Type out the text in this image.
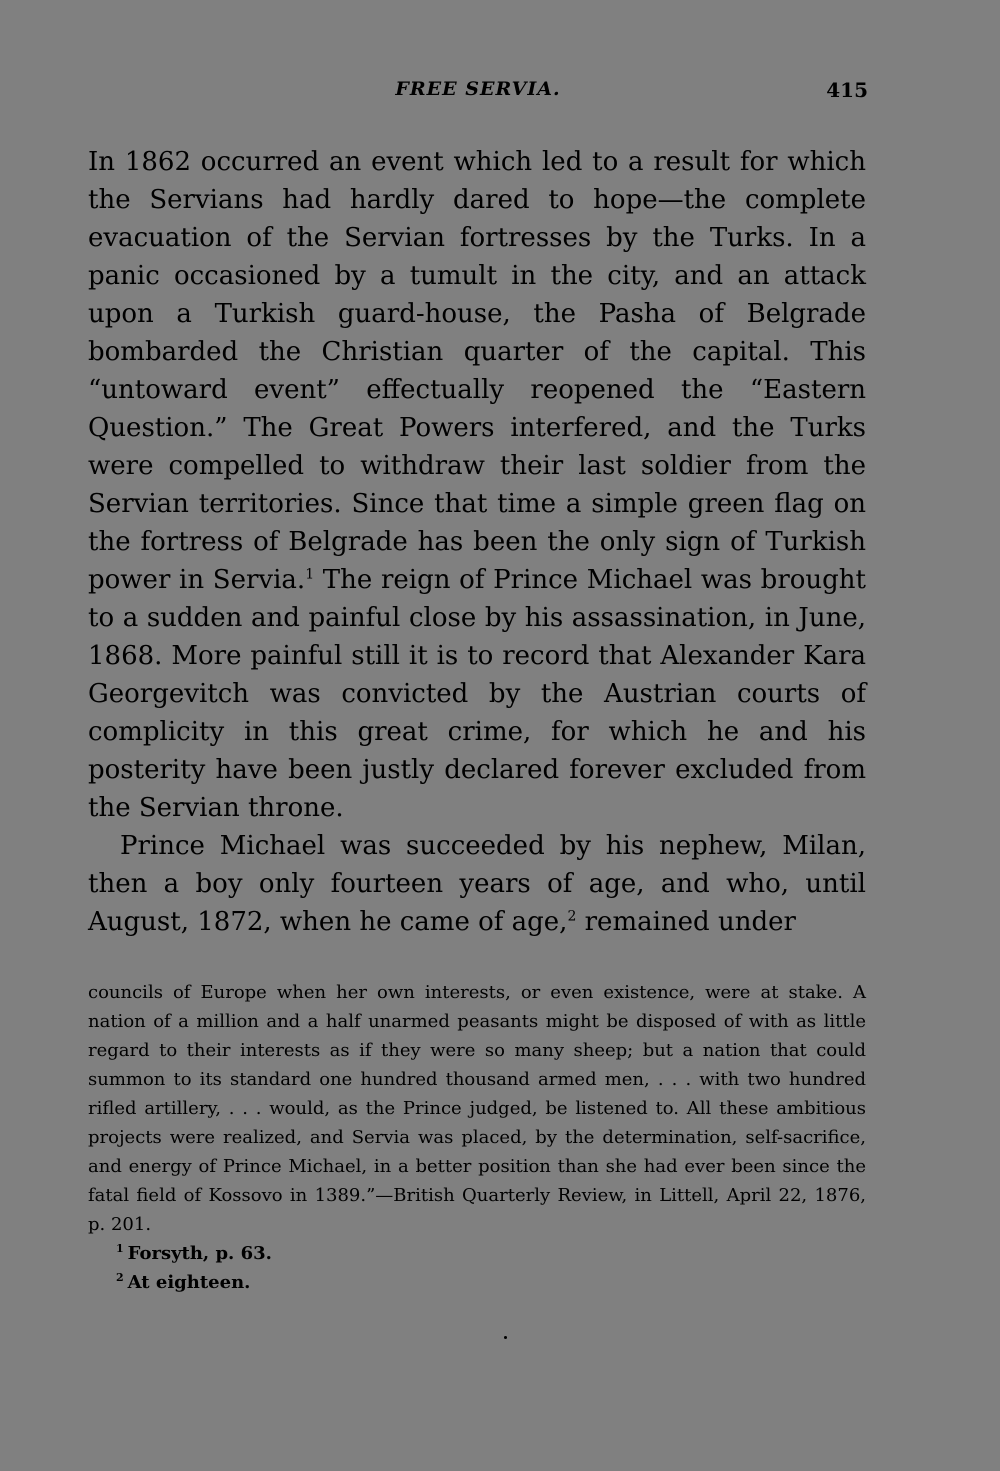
FREE SERVIA.	415

In 1862 occurred an event which led to a result for which the Servians had hardly dared to hope—the complete evacuation of the Servian fortresses by the Turks. In a panic occasioned by a tumult in the city, and an attack upon a Turkish guard-house, the Pasha of Belgrade bombarded the Christian quarter of the capital. This “untoward event” effectually reopened the “Eastern Question.” The Great Powers interfered, and the Turks were compelled to withdraw their last soldier from the Servian territories. Since that time a simple green flag on the fortress of Belgrade has been the only sign of Turkish power in Servia.$^1$ The reign of Prince Michael was brought to a sudden and painful close by his assassination, in June, 1868. More painful still it is to record that Alexander Kara Georgevitch was convicted by the Austrian courts of complicity in this great crime, for which he and his posterity have been justly declared forever excluded from the Servian throne.

Prince Michael was succeeded by his nephew, Milan, then a boy only fourteen years of age, and who, until August, 1872, when he came of age,$^2$ remained under

councils of Europe when her own interests, or even existence, were at stake. A nation of a million and a half unarmed peasants might be disposed of with as little regard to their interests as if they were so many sheep; but a nation that could summon to its standard one hundred thousand armed men, . . . with two hundred rifled artillery, . . . would, as the Prince judged, be listened to. All these ambitious projects were realized, and Servia was placed, by the determination, self-sacrifice, and energy of Prince Michael, in a better position than she had ever been since the fatal field of Kossovo in 1389.”—British Quarterly Review, in Littell, April 22, 1876, p. 201.

$^1$ Forsyth, p. 63.

$^2$ At eighteen.
